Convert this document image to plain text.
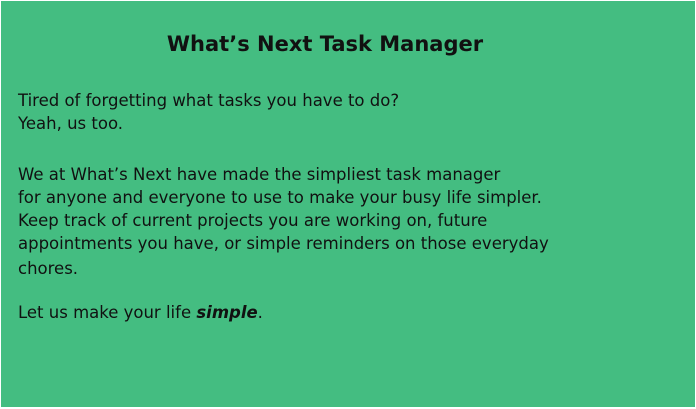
What’s Next Task Manager

Tired of forgetting what tasks you have to do?
Yeah, us too.

We at What’s Next have made the simpliest task manager
for anyone and everyone to use to make your busy life simpler.
Keep track of current projects you are working on, future
appointments you have, or simple reminders on those everyday
chores.

Let us make your life simple.
